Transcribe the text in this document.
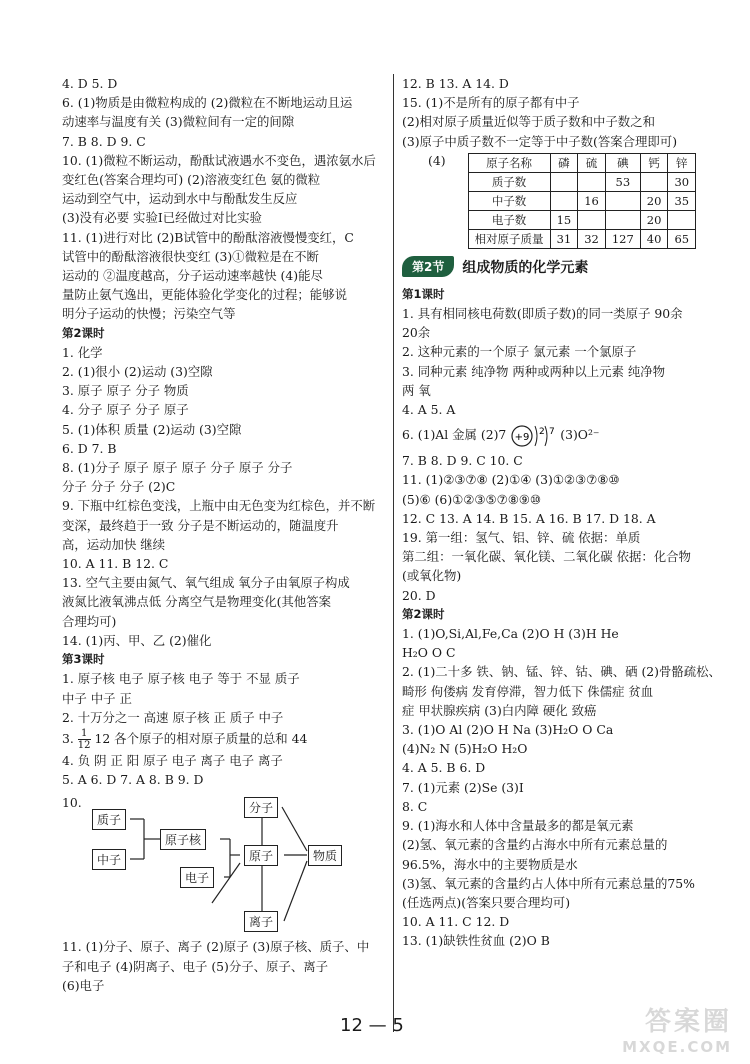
4. D 5. D
6. (1)物质是由微粒构成的 (2)微粒在不断地运动且运
动速率与温度有关 (3)微粒间有一定的间隙
7. B 8. D 9. C
10. (1)微粒不断运动，酚酞试液遇水不变色，遇浓氨水后
变红色(答案合理均可) (2)溶液变红色 氨的微粒
运动到空气中，运动到水中与酚酞发生反应
(3)没有必要 实验Ⅰ已经做过对比实验
11. (1)进行对比 (2)B试管中的酚酞溶液慢慢变红，C
试管中的酚酞溶液很快变红 (3)①微粒是在不断
运动的 ②温度越高，分子运动速率越快 (4)能尽
量防止氨气逸出，更能体验化学变化的过程；能够说
明分子运动的快慢；污染空气等
第2课时
1. 化学
2. (1)很小 (2)运动 (3)空隙
3. 原子 原子 分子 物质
4. 分子 原子 分子 原子
5. (1)体积 质量 (2)运动 (3)空隙
6. D 7. B
8. (1)分子 原子 原子 原子 分子 原子 分子
分子 分子 分子 (2)C
9. 下瓶中红棕色变浅，上瓶中由无色变为红棕色，并不断
变深，最终趋于一致 分子是不断运动的，随温度升
高，运动加快 继续
10. A 11. B 12. C
13. 空气主要由氮气、氧气组成 氧分子由氧原子构成
液氮比液氧沸点低 分离空气是物理变化(其他答案
合理均可)
14. (1)丙、甲、乙 (2)催化
第3课时
1. 原子核 电子 原子核 电子 等于 不显 质子
中子 中子 正
2. 十万分之一 高速 原子核 正 质子 中子
3. $\frac{1}{12} 12$ 各个原子的相对原子质量的总和 44
4. 负 阴 正 阳 原子 电子 离子 电子 离子
5. A 6. D 7. A 8. B 9. D
10.
质子
中子
原子核
电子
分子
原子
离子
物质
11. (1)分子、原子、离子 (2)原子 (3)原子核、质子、中
子和电子 (4)阴离子、电子 (5)分子、原子、离子
(6)电子
12. B 13. A 14. D
15. (1)不是所有的原子都有中子
(2)相对原子质量近似等于质子数和中子数之和
(3)原子中质子数不一定等于中子数(答案合理即可)
(4)	原子名称	磷	硫	碘	钙	锌
质子数			53		30
中子数		16		20	35
电子数	15			20	
相对原子质量	31	32	127	40	65
第2节	组成物质的化学元素
第1课时
1. 具有相同核电荷数(即质子数)的同一类原子 90余
20余
2. 这种元素的一个原子 氯元素 一个氯原子
3. 同种元素 纯净物 两种或两种以上元素 纯净物
两 氧
4. A 5. A
6. (1)Al 金属 (2)7 +9 2 7 (3)O²⁻
7. B 8. D 9. C 10. C
11. (1)②③⑦⑧ (2)①④ (3)①②③⑦⑧⑩
(5)⑥ (6)①②③⑤⑦⑧⑨⑩
12. C 13. A 14. B 15. A 16. B 17. D 18. A
19. 第一组：氢气、铝、锌、硫 依据：单质
第二组：一氧化碳、氧化镁、二氧化碳 依据：化合物
(或氧化物)
20. D
第2课时
1. (1)O,Si,Al,Fe,Ca (2)O H (3)H He
H₂O O C
2. (1)二十多 铁、钠、锰、锌、钴、碘、硒 (2)骨骼疏松、
畸形 佝偻病 发育停滞，智力低下 侏儒症 贫血
症 甲状腺疾病 (3)白内障 硬化 致癌
3. (1)O Al (2)O H Na (3)H₂O O Ca
(4)N₂ N (5)H₂O H₂O
4. A 5. B 6. D
7. (1)元素 (2)Se (3)I
8. C
9. (1)海水和人体中含量最多的都是氧元素
(2)氢、氧元素的含量约占海水中所有元素总量的
96.5%，海水中的主要物质是水
(3)氢、氧元素的含量约占人体中所有元素总量的75%
(任选两点)(答案只要合理均可)
10. A 11. C 12. D
13. (1)缺铁性贫血 (2)O B
12 — 5	答案圈
MXQE.COM
